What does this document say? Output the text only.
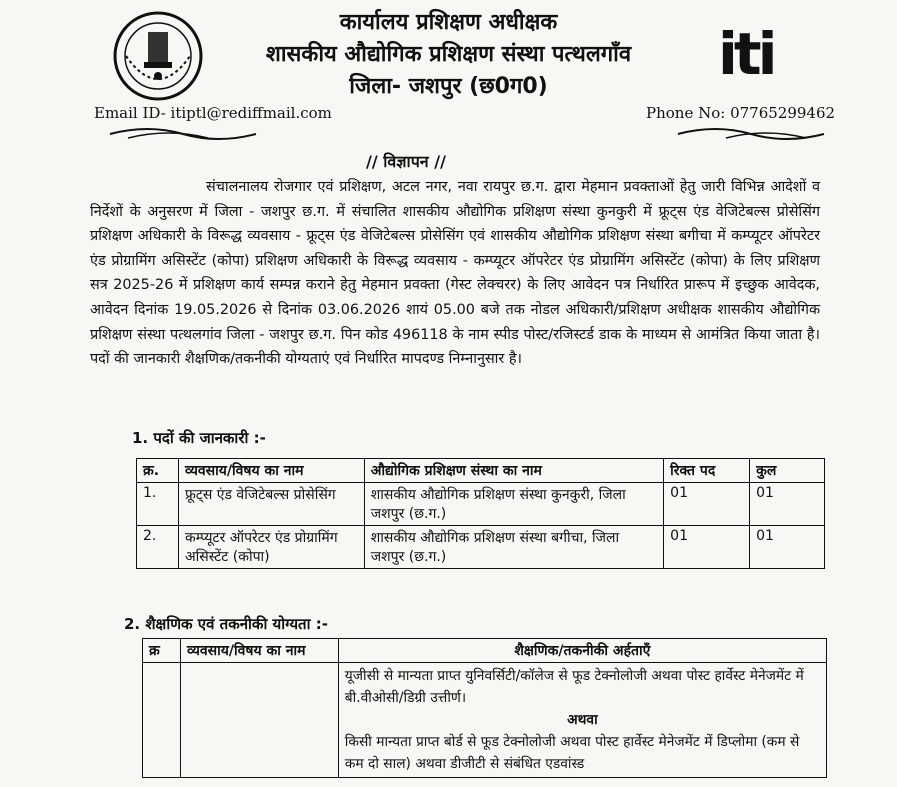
कार्यालय प्रशिक्षण अधीक्षक
शासकीय औद्योगिक प्रशिक्षण संस्था पत्थलगाँव
जिला- जशपुर (छ0ग0)	iti
Email ID- itiptl@rediffmail.com	Phone No: 07765299462
// विज्ञापन //

संचालनालय रोजगार एवं प्रशिक्षण, अटल नगर, नवा रायपुर छ.ग. द्वारा मेहमान प्रवक्ताओं हेतु जारी विभिन्न आदेशों व निर्देशों के अनुसरण में जिला - जशपुर छ.ग. में संचालित शासकीय औद्योगिक प्रशिक्षण संस्था कुनकुरी में फ्रूट्स एंड वेजिटेबल्स प्रोसेसिंग प्रशिक्षण अधिकारी के विरूद्ध व्यवसाय - फ्रूट्स एंड वेजिटेबल्स प्रोसेसिंग एवं शासकीय औद्योगिक प्रशिक्षण संस्था बगीचा में कम्प्यूटर ऑपरेटर एंड प्रोग्रामिंग असिस्टेंट (कोपा) प्रशिक्षण अधिकारी के विरूद्ध व्यवसाय - कम्प्यूटर ऑपरेटर एंड प्रोग्रामिंग असिस्टेंट (कोपा) के लिए प्रशिक्षण सत्र 2025-26 में प्रशिक्षण कार्य सम्पन्न कराने हेतु मेहमान प्रवक्ता (गेस्ट लेक्चरर) के लिए आवेदन पत्र निर्धारित प्रारूप में इच्छुक आवेदक, आवेदन दिनांक 19.05.2026 से दिनांक 03.06.2026 शायं 05.00 बजे तक नोडल अधिकारी/प्रशिक्षण अधीक्षक शासकीय औद्योगिक प्रशिक्षण संस्था पत्थलगांव जिला - जशपुर छ.ग. पिन कोड 496118 के नाम स्पीड पोस्ट/रजिस्टर्ड डाक के माध्यम से आमंत्रित किया जाता है। पदों की जानकारी शैक्षणिक/तकनीकी योग्यताएं एवं निर्धारित मापदण्ड निम्नानुसार है।

1. पदों की जानकारी :-
क्र.	व्यवसाय/विषय का नाम	औद्योगिक प्रशिक्षण संस्था का नाम	रिक्त पद	कुल
1.	फ्रूट्स एंड वेजिटेबल्स प्रोसेसिंग	शासकीय औद्योगिक प्रशिक्षण संस्था कुनकुरी, जिला जशपुर (छ.ग.)	01	01
2.	कम्प्यूटर ऑपरेटर एंड प्रोग्रामिंग असिस्टेंट (कोपा)	शासकीय औद्योगिक प्रशिक्षण संस्था बगीचा, जिला जशपुर (छ.ग.)	01	01
2. शैक्षणिक एवं तकनीकी योग्यता :-
क्र	व्यवसाय/विषय का नाम	शैक्षणिक/तकनीकी अर्हताएँ

		यूजीसी से मान्यता प्राप्त युनिवर्सिटी/कॉलेज से फूड टेक्नोलोजी अथवा पोस्ट हार्वेस्ट मेनेजमेंट में बी.वीओसी/डिग्री उत्तीर्ण।
अथवा
किसी मान्यता प्राप्त बोर्ड से फूड टेक्नोलोजी अथवा पोस्ट हार्वेस्ट मेनेजमेंट में डिप्लोमा (कम से कम दो साल) अथवा डीजीटी से संबंधित एडवांस्ड
